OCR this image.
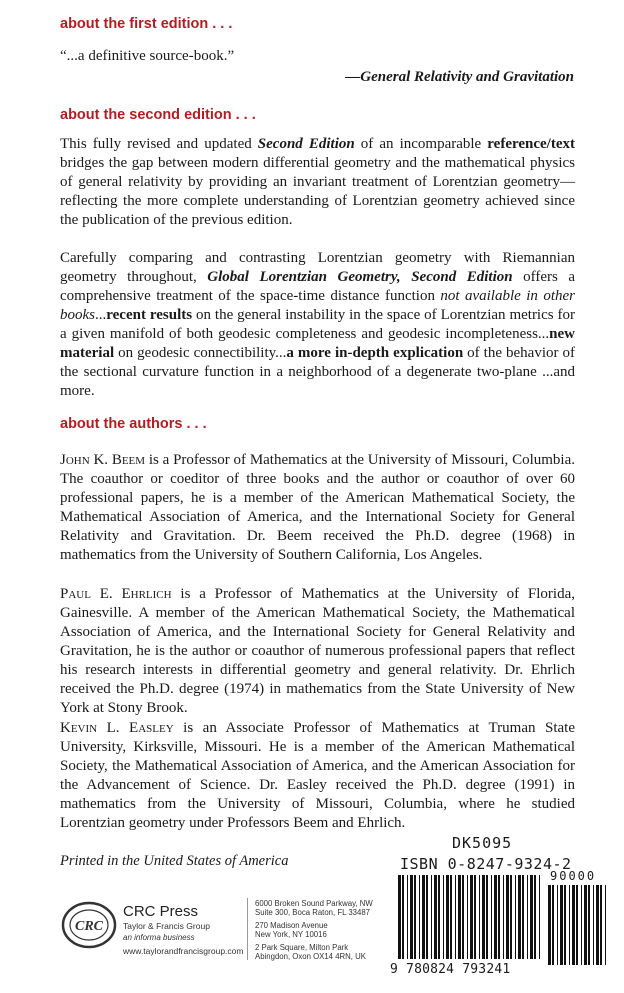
about the first edition . . .
“...a definitive source-book.”
—General Relativity and Gravitation
about the second edition . . .

This fully revised and updated Second Edition of an incomparable reference/text bridges the gap between modern differential geometry and the mathematical physics of general relativity by providing an invariant treatment of Lorentzian geometry—reflecting the more complete understanding of Lorentzian geometry achieved since the publication of the previous edition.

Carefully comparing and contrasting Lorentzian geometry with Riemannian geometry throughout, Global Lorentzian Geometry, Second Edition offers a comprehensive treatment of the space-time distance function not available in other books...recent results on the general instability in the space of Lorentzian metrics for a given manifold of both geodesic completeness and geodesic incompleteness...new material on geodesic connectibility...a more in-depth explication of the behavior of the sectional curvature function in a neighborhood of a degenerate two-plane ...and more.

about the authors . . .

John K. Beem is a Professor of Mathematics at the University of Missouri, Columbia. The coauthor or coeditor of three books and the author or coauthor of over 60 professional papers, he is a member of the American Mathematical Society, the Mathematical Association of America, and the International Society for General Relativity and Gravitation. Dr. Beem received the Ph.D. degree (1968) in mathematics from the University of Southern California, Los Angeles.

Paul E. Ehrlich is a Professor of Mathematics at the University of Florida, Gainesville. A member of the American Mathematical Society, the Mathematical Association of America, and the International Society for General Relativity and Gravitation, he is the author or coauthor of numerous professional papers that reflect his research interests in differential geometry and general relativity. Dr. Ehrlich received the Ph.D. degree (1974) in mathematics from the State University of New York at Stony Brook.

Kevin L. Easley is an Associate Professor of Mathematics at Truman State University, Kirksville, Missouri. He is a member of the American Mathematical Society, the Mathematical Association of America, and the American Association for the Advancement of Science. Dr. Easley received the Ph.D. degree (1991) in mathematics from the University of Missouri, Columbia, where he studied Lorentzian geometry under Professors Beem and Ehrlich.

Printed in the United States of America
DK5095
ISBN 0-8247-9324-2
9 780824 793241
90000
CRC
CRC Press
Taylor & Francis Group
an informa business
www.taylorandfrancisgroup.com
6000 Broken Sound Parkway, NW
Suite 300, Boca Raton, FL 33487
270 Madison Avenue
New York, NY 10016
2 Park Square, Milton Park
Abingdon, Oxon OX14 4RN, UK
